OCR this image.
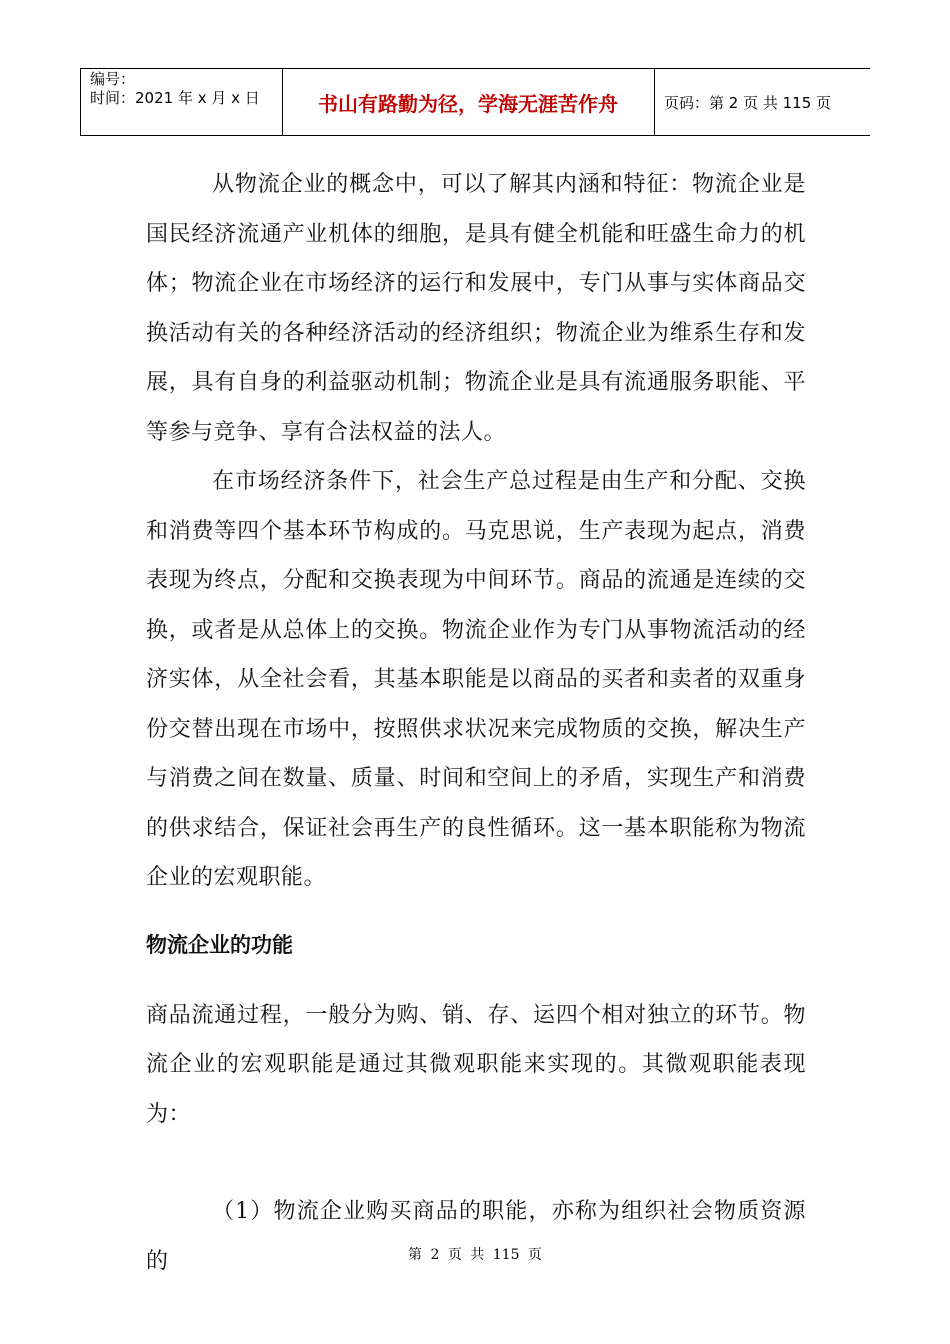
编号：
时间：2021 年 x 月 x 日	书山有路勤为径，学海无涯苦作舟	页码：第 2 页 共 115 页

从物流企业的概念中，可以了解其内涵和特征：物流企业是国民经济流通产业机体的细胞，是具有健全机能和旺盛生命力的机体；物流企业在市场经济的运行和发展中，专门从事与实体商品交换活动有关的各种经济活动的经济组织；物流企业为维系生存和发展，具有自身的利益驱动机制；物流企业是具有流通服务职能、平等参与竞争、享有合法权益的法人。

在市场经济条件下，社会生产总过程是由生产和分配、交换和消费等四个基本环节构成的。马克思说，生产表现为起点，消费表现为终点，分配和交换表现为中间环节。商品的流通是连续的交换，或者是从总体上的交换。物流企业作为专门从事物流活动的经济实体，从全社会看，其基本职能是以商品的买者和卖者的双重身份交替出现在市场中，按照供求状况来完成物质的交换，解决生产与消费之间在数量、质量、时间和空间上的矛盾，实现生产和消费的供求结合，保证社会再生产的良性循环。这一基本职能称为物流企业的宏观职能。

物流企业的功能

商品流通过程，一般分为购、销、存、运四个相对独立的环节。物流企业的宏观职能是通过其微观职能来实现的。其微观职能表现为：

（1）物流企业购买商品的职能，亦称为组织社会物质资源的	第 2 页 共 115 页
